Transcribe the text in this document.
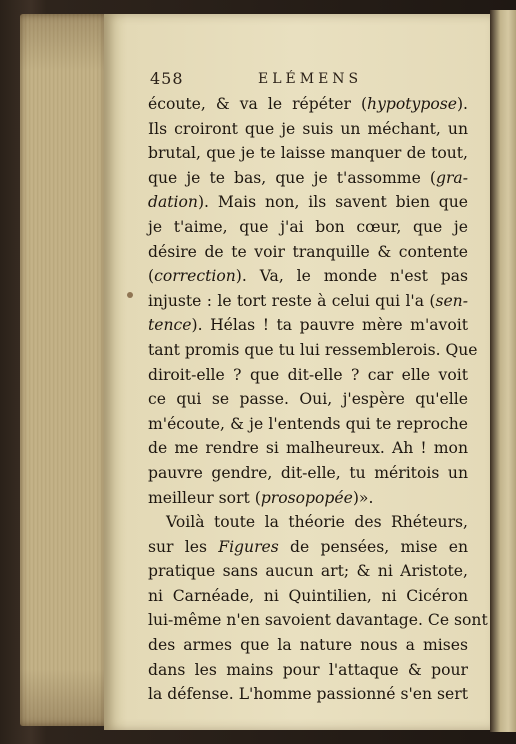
458	ELÉMENS
écoute, & va le répéter (hypotypose).
Ils croiront que je suis un méchant, un
brutal, que je te laisse manquer de tout,
que je te bas, que je t'assomme (gra-
dation). Mais non, ils savent bien que
je t'aime, que j'ai bon cœur, que je
désire de te voir tranquille & contente
(correction). Va, le monde n'est pas
injuste : le tort reste à celui qui l'a (sen-
tence). Hélas ! ta pauvre mère m'avoit
tant promis que tu lui ressemblerois. Que
diroit-elle ? que dit-elle ? car elle voit
ce qui se passe. Oui, j'espère qu'elle
m'écoute, & je l'entends qui te reproche
de me rendre si malheureux. Ah ! mon
pauvre gendre, dit-elle, tu méritois un
meilleur sort (prosopopée)».
Voilà toute la théorie des Rhéteurs,
sur les Figures de pensées, mise en
pratique sans aucun art; & ni Aristote,
ni Carnéade, ni Quintilien, ni Cicéron
lui-même n'en savoient davantage. Ce sont
des armes que la nature nous a mises
dans les mains pour l'attaque & pour
la défense. L'homme passionné s'en sert
